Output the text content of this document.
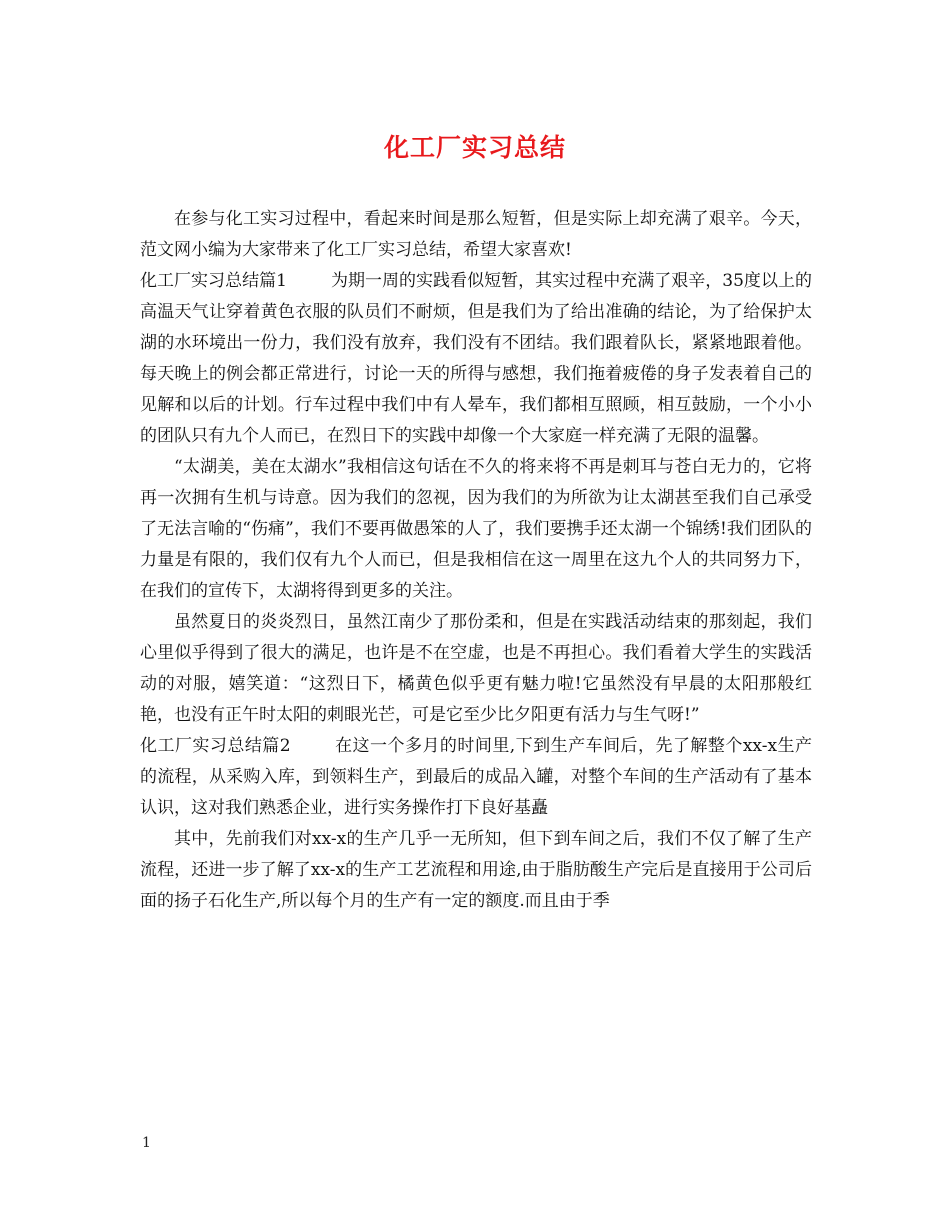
化工厂实习总结

在参与化工实习过程中，看起来时间是那么短暂，但是实际上却充满了艰辛。今天，范文网小编为大家带来了化工厂实习总结，希望大家喜欢!

化工厂实习总结篇1	为期一周的实践看似短暂，其实过程中充满了艰辛，35度以上的高温天气让穿着黄色衣服的队员们不耐烦，但是我们为了给出准确的结论，为了给保护太湖的水环境出一份力，我们没有放弃，我们没有不团结。我们跟着队长，紧紧地跟着他。每天晚上的例会都正常进行，讨论一天的所得与感想，我们拖着疲倦的身子发表着自己的见解和以后的计划。行车过程中我们中有人晕车，我们都相互照顾，相互鼓励，一个小小的团队只有九个人而已，在烈日下的实践中却像一个大家庭一样充满了无限的温馨。

“太湖美，美在太湖水”我相信这句话在不久的将来将不再是刺耳与苍白无力的，它将再一次拥有生机与诗意。因为我们的忽视，因为我们的为所欲为让太湖甚至我们自己承受了无法言喻的“伤痛”，我们不要再做愚笨的人了，我们要携手还太湖一个锦绣!我们团队的力量是有限的，我们仅有九个人而已，但是我相信在这一周里在这九个人的共同努力下，在我们的宣传下，太湖将得到更多的关注。

虽然夏日的炎炎烈日，虽然江南少了那份柔和，但是在实践活动结束的那刻起，我们心里似乎得到了很大的满足，也许是不在空虚，也是不再担心。我们看着大学生的实践活动的对服，嬉笑道：“这烈日下，橘黄色似乎更有魅力啦!它虽然没有早晨的太阳那般红艳，也没有正午时太阳的刺眼光芒，可是它至少比夕阳更有活力与生气呀!”

化工厂实习总结篇2	在这一个多月的时间里,下到生产车间后，先了解整个xx-x生产的流程，从采购入库，到领料生产，到最后的成品入罐，对整个车间的生产活动有了基本认识，这对我们熟悉企业，进行实务操作打下良好基矗

其中，先前我们对xx-x的生产几乎一无所知，但下到车间之后，我们不仅了解了生产流程，还进一步了解了xx-x的生产工艺流程和用途,由于脂肪酸生产完后是直接用于公司后面的扬子石化生产,所以每个月的生产有一定的额度.而且由于季

1
